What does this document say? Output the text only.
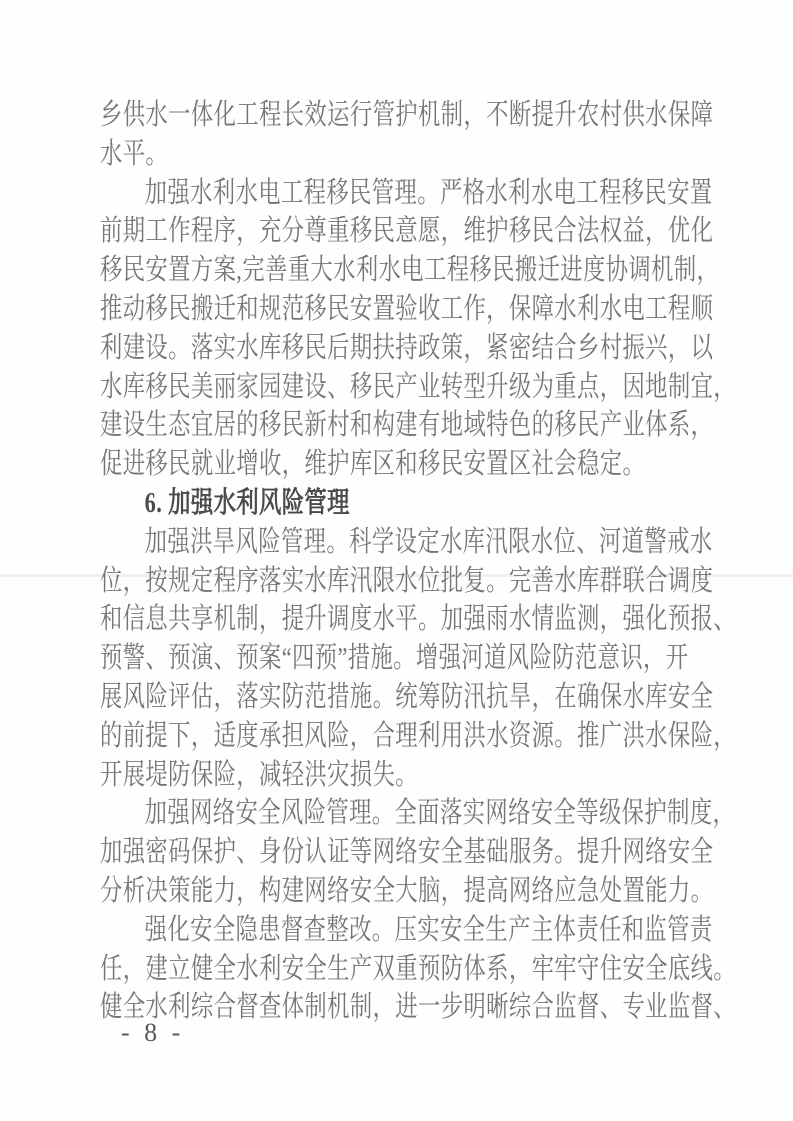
乡供水一体化工程长效运行管护机制，不断提升农村供水保障
水平。
加强水利水电工程移民管理。严格水利水电工程移民安置
前期工作程序，充分尊重移民意愿，维护移民合法权益，优化
移民安置方案,完善重大水利水电工程移民搬迁进度协调机制，
推动移民搬迁和规范移民安置验收工作，保障水利水电工程顺
利建设。落实水库移民后期扶持政策，紧密结合乡村振兴，以
水库移民美丽家园建设、移民产业转型升级为重点，因地制宜，
建设生态宜居的移民新村和构建有地域特色的移民产业体系，
促进移民就业增收，维护库区和移民安置区社会稳定。
6. 加强水利风险管理
加强洪旱风险管理。科学设定水库汛限水位、河道警戒水
位，按规定程序落实水库汛限水位批复。完善水库群联合调度
和信息共享机制，提升调度水平。加强雨水情监测，强化预报、
预警、预演、预案“四预”措施。增强河道风险防范意识，开
展风险评估，落实防范措施。统筹防汛抗旱，在确保水库安全
的前提下，适度承担风险，合理利用洪水资源。推广洪水保险，
开展堤防保险，减轻洪灾损失。
加强网络安全风险管理。全面落实网络安全等级保护制度，
加强密码保护、身份认证等网络安全基础服务。提升网络安全
分析决策能力，构建网络安全大脑，提高网络应急处置能力。
强化安全隐患督查整改。压实安全生产主体责任和监管责
任，建立健全水利安全生产双重预防体系，牢牢守住安全底线。
健全水利综合督查体制机制，进一步明晰综合监督、专业监督、
- 8 -
